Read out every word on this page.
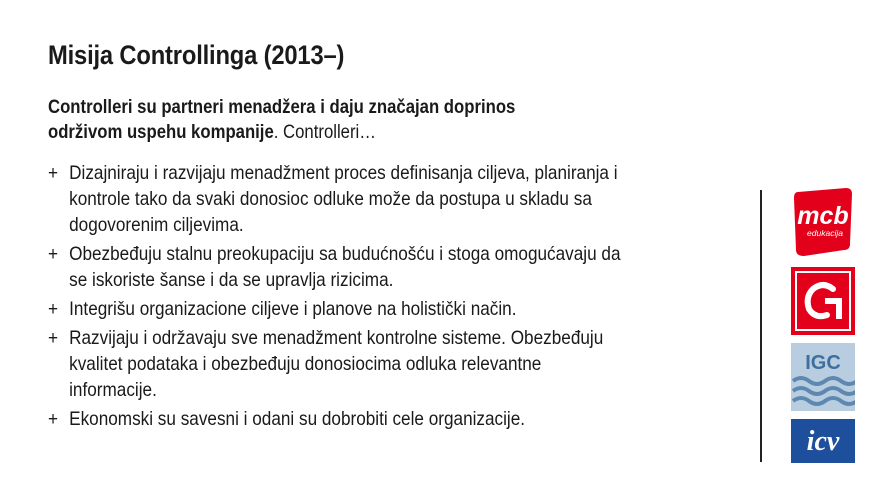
Misija Controllinga (2013–)
Controlleri su partneri menadžera i daju značajan doprinos održivom uspehu kompanije. Controlleri…
+ Dizajniraju i razvijaju menadžment proces definisanja ciljeva, planiranja i kontrole tako da svaki donosioc odluke može da postupa u skladu sa dogovorenim ciljevima.
+ Obezbeđuju stalnu preokupaciju sa budućnošću i stoga omogućavaju da se iskoriste šanse i da se upravlja rizicima.
+ Integrišu organizacione ciljeve i planove na holistički način.
+ Razvijaju i održavaju sve menadžment kontrolne sisteme. Obezbeđuju kvalitet podataka i obezbeđuju donosiocima odluka relevantne informacije.
+ Ekonomski su savesni i odani su dobrobiti cele organizacije.
mcb
edukacija
IGC
icv
